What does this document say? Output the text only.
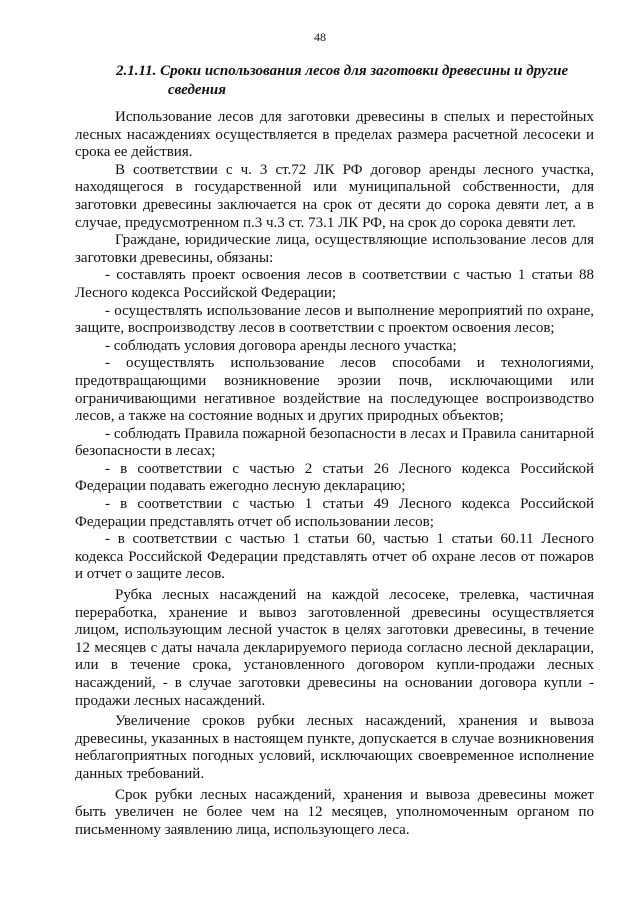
48
2.1.11. Сроки использования лесов для заготовки древесины и другие
сведения

Использование лесов для заготовки древесины в спелых и перестойных лесных насаждениях осуществляется в пределах размера расчетной лесосеки и срока ее действия.

В соответствии с ч. 3 ст.72 ЛК РФ договор аренды лесного участка, находящегося в государственной или муниципальной собственности, для заготовки древесины заключается на срок от десяти до сорока девяти лет, а в случае, предусмотренном п.3 ч.3 ст. 73.1 ЛК РФ, на срок до сорока девяти лет.

Граждане, юридические лица, осуществляющие использование лесов для заготовки древесины, обязаны:

- составлять проект освоения лесов в соответствии с частью 1 статьи 88 Лесного кодекса Российской Федерации;

- осуществлять использование лесов и выполнение мероприятий по охране, защите, воспроизводству лесов в соответствии с проектом освоения лесов;

- соблюдать условия договора аренды лесного участка;

- осуществлять использование лесов способами и технологиями, предотвращающими возникновение эрозии почв, исключающими или ограничивающими негативное воздействие на последующее воспроизводство лесов, а также на состояние водных и других природных объектов;

- соблюдать Правила пожарной безопасности в лесах и Правила санитарной безопасности в лесах;

- в соответствии с частью 2 статьи 26 Лесного кодекса Российской Федерации подавать ежегодно лесную декларацию;

- в соответствии с частью 1 статьи 49 Лесного кодекса Российской Федерации представлять отчет об использовании лесов;

- в соответствии с частью 1 статьи 60, частью 1 статьи 60.11 Лесного кодекса Российской Федерации представлять отчет об охране лесов от пожаров и отчет о защите лесов.

Рубка лесных насаждений на каждой лесосеке, трелевка, частичная переработка, хранение и вывоз заготовленной древесины осуществляется лицом, использующим лесной участок в целях заготовки древесины, в течение 12 месяцев с даты начала декларируемого периода согласно лесной декларации, или в течение срока, установленного договором купли-продажи лесных насаждений, - в случае заготовки древесины на основании договора купли - продажи лесных насаждений.

Увеличение сроков рубки лесных насаждений, хранения и вывоза древесины, указанных в настоящем пункте, допускается в случае возникновения неблагоприятных погодных условий, исключающих своевременное исполнение данных требований.

Срок рубки лесных насаждений, хранения и вывоза древесины может быть увеличен не более чем на 12 месяцев, уполномоченным органом по письменному заявлению лица, использующего леса.
